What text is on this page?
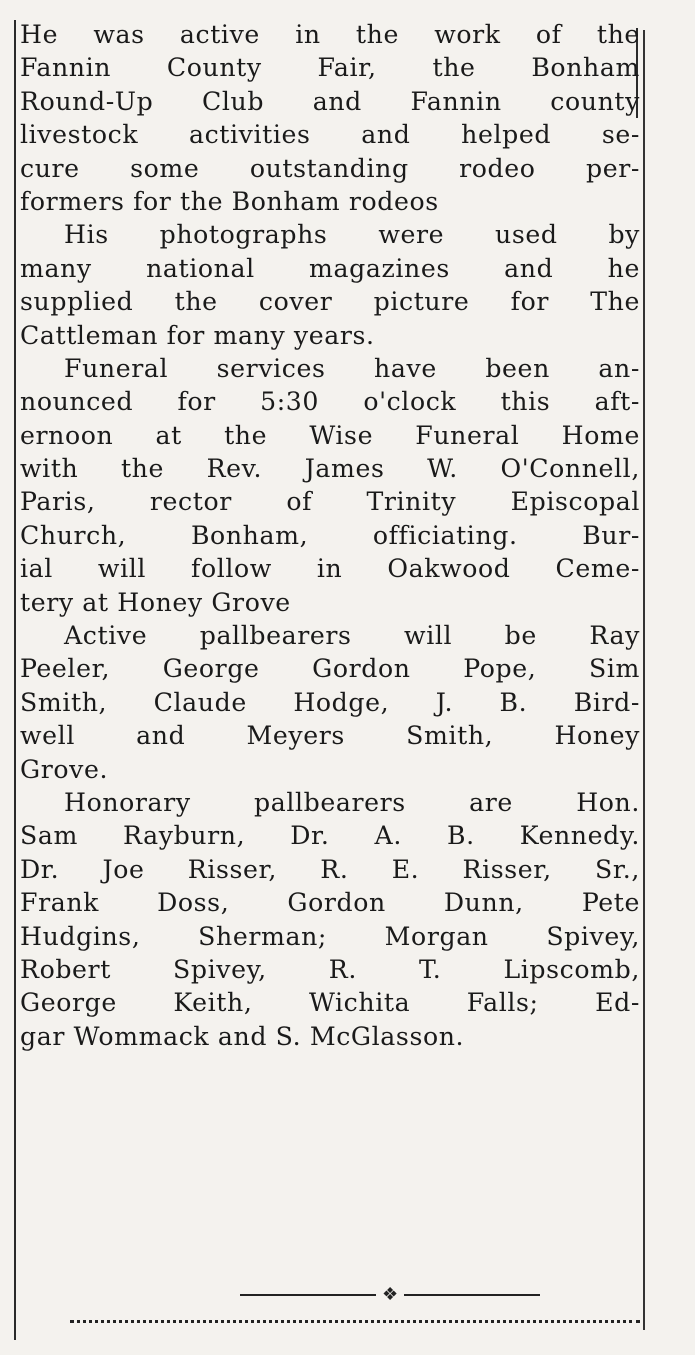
He was active in the work of the
Fannin County Fair, the Bonham
Round-Up Club and Fannin county
livestock activities and helped se-
cure some outstanding rodeo per-
formers for the Bonham rodeos
His photographs were used by
many national magazines and he
supplied the cover picture for The
Cattleman for many years.
Funeral services have been an-
nounced for 5:30 o'clock this aft-
ernoon at the Wise Funeral Home
with the Rev. James W. O'Connell,
Paris, rector of Trinity Episcopal
Church,	Bonham,	officiating.	Bur-
ial will follow in Oakwood Ceme-
tery at Honey Grove
Active pallbearers will be Ray
Peeler, George Gordon Pope, Sim
Smith, Claude Hodge, J. B. Bird-
well and Meyers Smith, Honey
Grove.
Honorary	pallbearers	are	Hon.
Sam Rayburn, Dr. A. B. Kennedy.
Dr. Joe Risser, R. E. Risser, Sr.,
Frank Doss, Gordon Dunn, Pete
Hudgins, Sherman; Morgan Spivey,
Robert Spivey, R. T. Lipscomb,
George Keith, Wichita Falls; Ed-
gar Wommack and S. McGlasson.
❖
